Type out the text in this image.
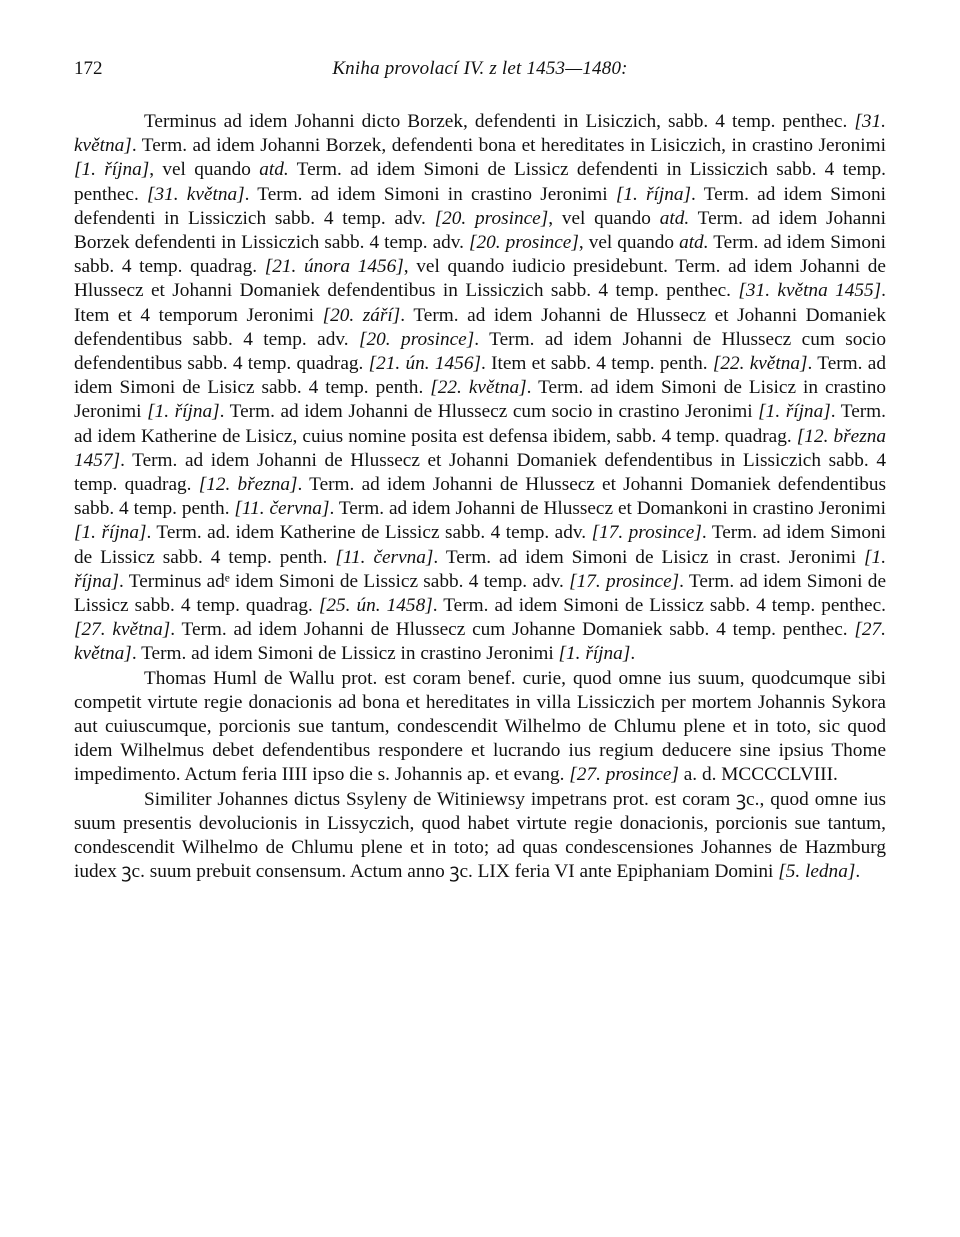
172	Kniha provolací IV. z let 1453—1480:

Terminus ad idem Johanni dicto Borzek, defendenti in Lisiczich, sabb. 4 temp. penthec. [31. května]. Term. ad idem Johanni Borzek, defendenti bona et hereditates in Lisiczich, in crastino Jeronimi [1. října], vel quando atd. Term. ad idem Simoni de Lissicz defendenti in Lissiczich sabb. 4 temp. penthec. [31. května]. Term. ad idem Simoni in crastino Jeronimi [1. října]. Term. ad idem Simoni defendenti in Lissiczich sabb. 4 temp. adv. [20. prosince], vel quando atd. Term. ad idem Johanni Borzek defendenti in Lissiczich sabb. 4 temp. adv. [20. prosince], vel quando atd. Term. ad idem Simoni sabb. 4 temp. quadrag. [21. února 1456], vel quando iudicio presidebunt. Term. ad idem Johanni de Hlussecz et Johanni Domaniek defendentibus in Lissiczich sabb. 4 temp. penthec. [31. května 1455]. Item et 4 temporum Jeronimi [20. září]. Term. ad idem Johanni de Hlussecz et Johanni Domaniek defendentibus sabb. 4 temp. adv. [20. prosince]. Term. ad idem Johanni de Hlussecz cum socio defendentibus sabb. 4 temp. quadrag. [21. ún. 1456]. Item et sabb. 4 temp. penth. [22. května]. Term. ad idem Simoni de Lisicz sabb. 4 temp. penth. [22. května]. Term. ad idem Simoni de Lisicz in crastino Jeronimi [1. října]. Term. ad idem Johanni de Hlussecz cum socio in crastino Jeronimi [1. října]. Term. ad idem Katherine de Lisicz, cuius nomine posita est defensa ibidem, sabb. 4 temp. quadrag. [12. března 1457]. Term. ad idem Johanni de Hlussecz et Johanni Domaniek defendentibus in Lissiczich sabb. 4 temp. quadrag. [12. března]. Term. ad idem Johanni de Hlussecz et Johanni Domaniek defendentibus sabb. 4 temp. penth. [11. června]. Term. ad idem Johanni de Hlussecz et Domankoni in crastino Jeronimi [1. října]. Term. ad. idem Katherine de Lissicz sabb. 4 temp. adv. [17. prosince]. Term. ad idem Simoni de Lissicz sabb. 4 temp. penth. [11. června]. Term. ad idem Simoni de Lisicz in crast. Jeronimi [1. října]. Terminus adᵉ idem Simoni de Lissicz sabb. 4 temp. adv. [17. prosince]. Term. ad idem Simoni de Lissicz sabb. 4 temp. quadrag. [25. ún. 1458]. Term. ad idem Simoni de Lissicz sabb. 4 temp. penthec. [27. května]. Term. ad idem Johanni de Hlussecz cum Johanne Domaniek sabb. 4 temp. penthec. [27. května]. Term. ad idem Simoni de Lissicz in crastino Jeronimi [1. října].

Thomas Huml de Wallu prot. est coram benef. curie, quod omne ius suum, quodcumque sibi competit virtute regie donacionis ad bona et hereditates in villa Lissiczich per mortem Johannis Sykora aut cuiuscumque, porcionis sue tantum, condescendit Wilhelmo de Chlumu plene et in toto, sic quod idem Wilhelmus debet defendentibus respondere et lucrando ius regium deducere sine ipsius Thome impedimento. Actum feria IIII ipso die s. Johannis ap. et evang. [27. prosince] a. d. MCCCCLVIII.

Similiter Johannes dictus Ssyleny de Witiniewsy impetrans prot. est coram ꝫc., quod omne ius suum presentis devolucionis in Lissyczich, quod habet virtute regie donacionis, porcionis sue tantum, condescendit Wilhelmo de Chlumu plene et in toto; ad quas condescensiones Johannes de Hazmburg iudex ꝫc. suum prebuit consensum. Actum anno ꝫc. LIX feria VI ante Epiphaniam Domini [5. ledna].
